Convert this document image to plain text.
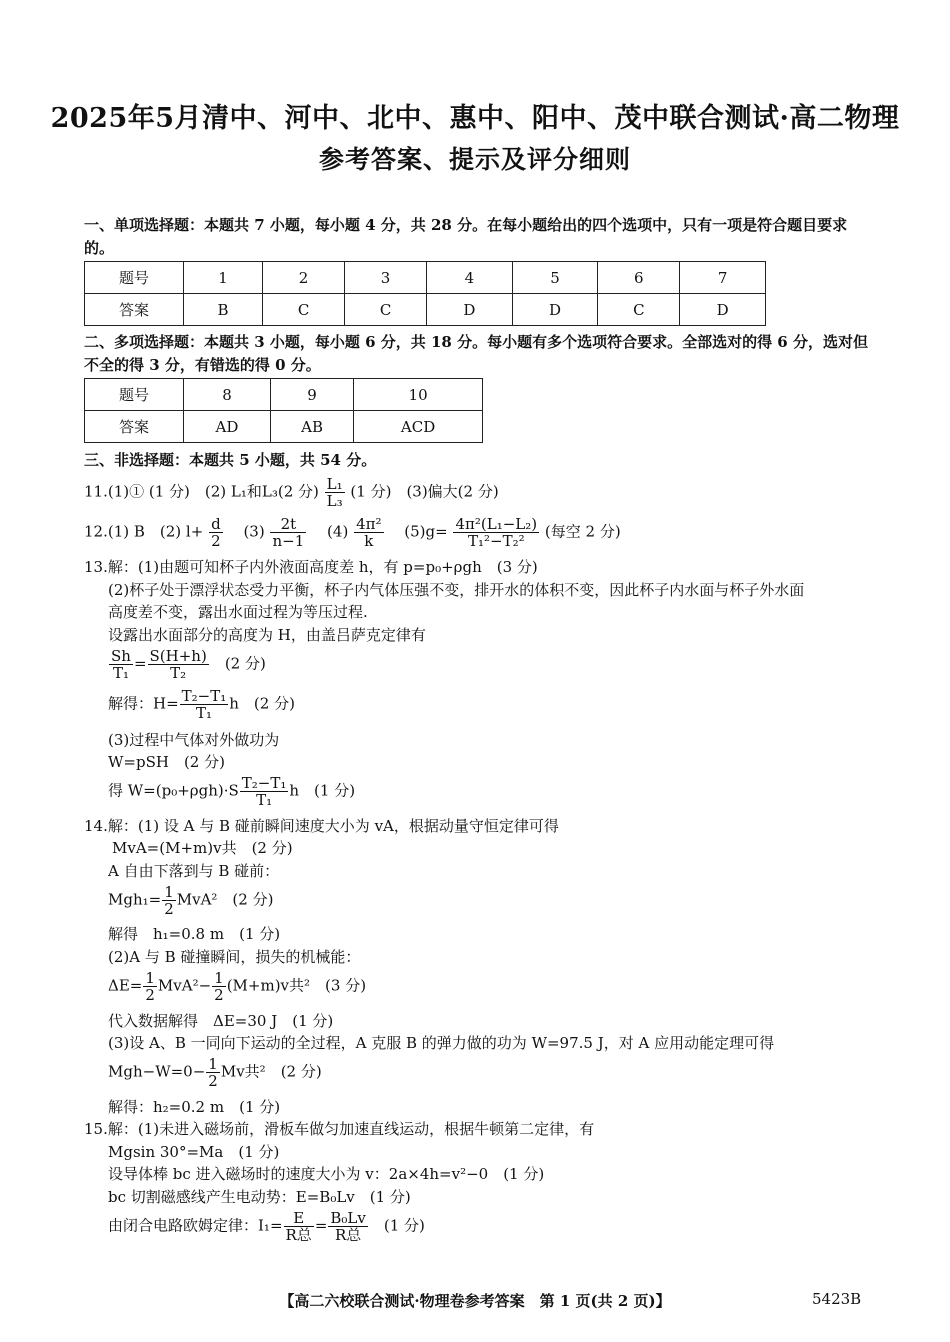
2025年5月清中、河中、北中、惠中、阳中、茂中联合测试·高二物理
参考答案、提示及评分细则
一、单项选择题：本题共 7 小题，每小题 4 分，共 28 分。在每小题给出的四个选项中，只有一项是符合题目要求的。
题号	1	2	3	4	5	6	7
答案	B	C	C	D	D	C	D
二、多项选择题：本题共 3 小题，每小题 6 分，共 18 分。每小题有多个选项符合要求。全部选对的得 6 分，选对但不全的得 3 分，有错选的得 0 分。
题号	8	9	10
答案	AD	AB	ACD
三、非选择题：本题共 5 小题，共 54 分。
11.(1)① (1 分)　(2) L₁和L₃(2 分) $\frac{\text{L₁}}{\text{L₃}} (1$ 分)　(3)偏大(2 分)
12.(1) B　(2) $l+ \frac{d}{2}$ 　$(3) \frac{2t}{n-1}$ 　$(4) \frac{\text{4π²}}{k}$ 　$(5)g= \frac{\text{4π²(L₁−L₂)}}{\text{T₁²−T₂²}}$ (每空 2 分)
13.解：(1)由题可知杯子内外液面高度差 h，有 p=p₀+ρgh　(3 分)
(2)杯子处于漂浮状态受力平衡，杯子内气体压强不变，排开水的体积不变，因此杯子内水面与杯子外水面
高度差不变，露出水面过程为等压过程.
设露出水面部分的高度为 H，由盖吕萨克定律有
$\frac{Sh}{\text{T₁}} = \frac{S(H+h)}{\text{T₂}}$ 　(2 分)
解得：$H= \frac{\text{T₂−T₁}}{\text{T₁}}$ h　(2 分)
(3)过程中气体对外做功为
W=pSH　(2 分)
得 $W=(p_0+\rho gh)\cdot S \frac{\text{T₂−T₁}}{\text{T₁}}$ h　(1 分)
14.解：(1) 设 A 与 B 碰前瞬间速度大小为 vA，根据动量守恒定律可得
MvA=(M+m)v共　(2 分)
A 自由下落到与 B 碰前：
$Mgh_1= \frac{1}{2} MvA^2$　(2 分)
解得　h₁=0.8 m　(1 分)
(2)A 与 B 碰撞瞬间，损失的机械能：
$\Delta E= \frac{1}{2} MvA^2- \frac{1}{2} (M+m)v$共²　(3 分)
代入数据解得　ΔE=30 J　(1 分)
(3)设 A、B 一同向下运动的全过程，A 克服 B 的弹力做的功为 W=97.5 J，对 A 应用动能定理可得
$Mgh-W=0- \frac{1}{2}$ Mv共²　(2 分)
解得：h₂=0.2 m　(1 分)
15.解：(1)未进入磁场前，滑板车做匀加速直线运动，根据牛顿第二定律，有
Mgsin 30°=Ma　(1 分)
设导体棒 bc 进入磁场时的速度大小为 v：2a×4h=v²−0　(1 分)
bc 切割磁感线产生电动势：E=B₀Lv　(1 分)
由闭合电路欧姆定律：$I_1= \frac{E}{\text{R总}} = \frac{\text{B₀Lv}}{\text{R总}}$ 　(1 分)
【高二六校联合测试·物理卷参考答案　第 1 页(共 2 页)】	5423B
